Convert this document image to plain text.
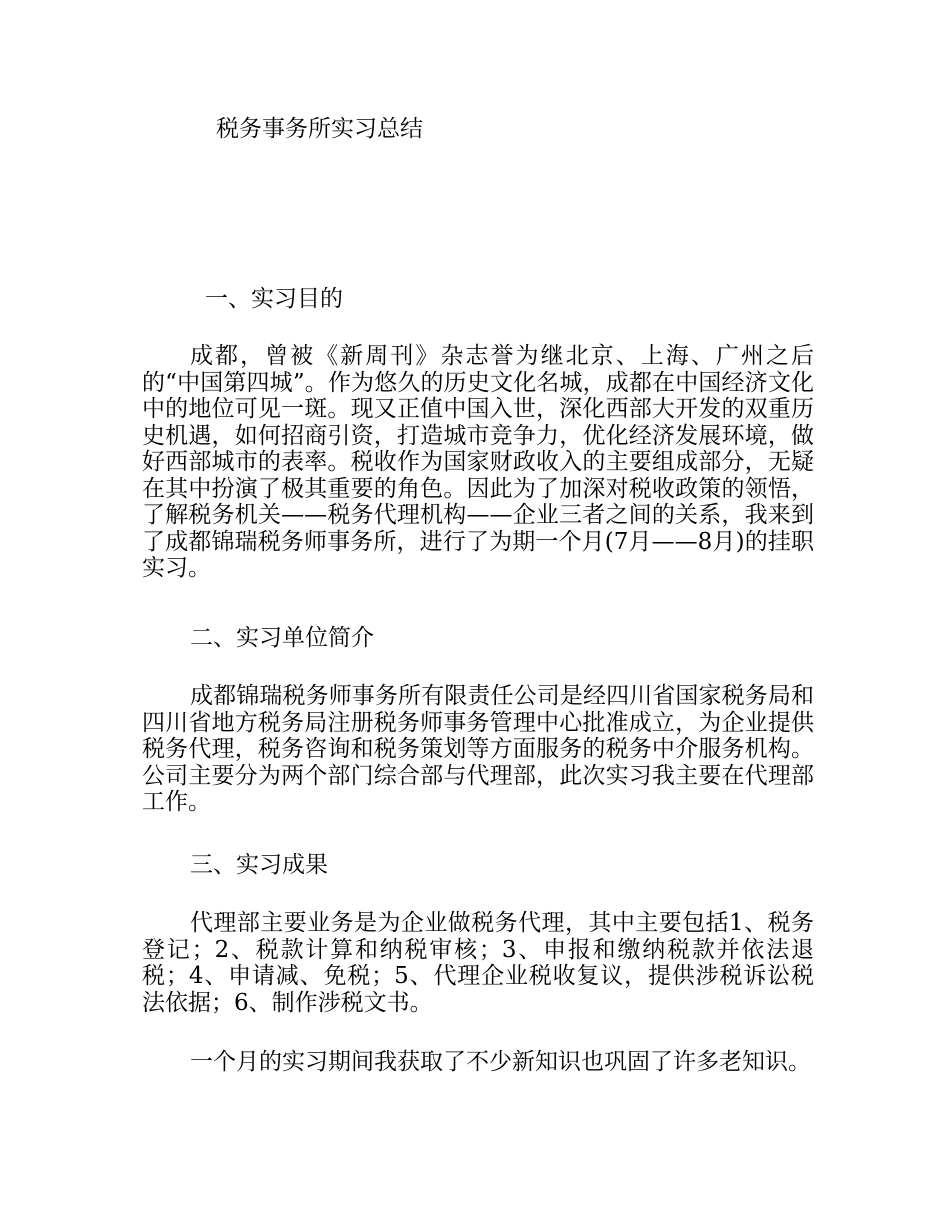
税务事务所实习总结
一、实习目的
成都，曾被《新周刊》杂志誉为继北京、上海、广州之后的“中国第四城”。作为悠久的历史文化名城，成都在中国经济文化中的地位可见一斑。现又正值中国入世，深化西部大开发的双重历史机遇，如何招商引资，打造城市竞争力，优化经济发展环境，做好西部城市的表率。税收作为国家财政收入的主要组成部分，无疑在其中扮演了极其重要的角色。因此为了加深对税收政策的领悟，了解税务机关——税务代理机构——企业三者之间的关系，我来到了成都锦瑞税务师事务所，进行了为期一个月(7月——8月)的挂职实习。
二、实习单位简介
成都锦瑞税务师事务所有限责任公司是经四川省国家税务局和四川省地方税务局注册税务师事务管理中心批准成立，为企业提供税务代理，税务咨询和税务策划等方面服务的税务中介服务机构。公司主要分为两个部门综合部与代理部，此次实习我主要在代理部工作。
三、实习成果
代理部主要业务是为企业做税务代理，其中主要包括1、税务登记；2、税款计算和纳税审核；3、申报和缴纳税款并依法退税；4、申请减、免税；5、代理企业税收复议，提供涉税诉讼税法依据；6、制作涉税文书。
一个月的实习期间我获取了不少新知识也巩固了许多老知识。
